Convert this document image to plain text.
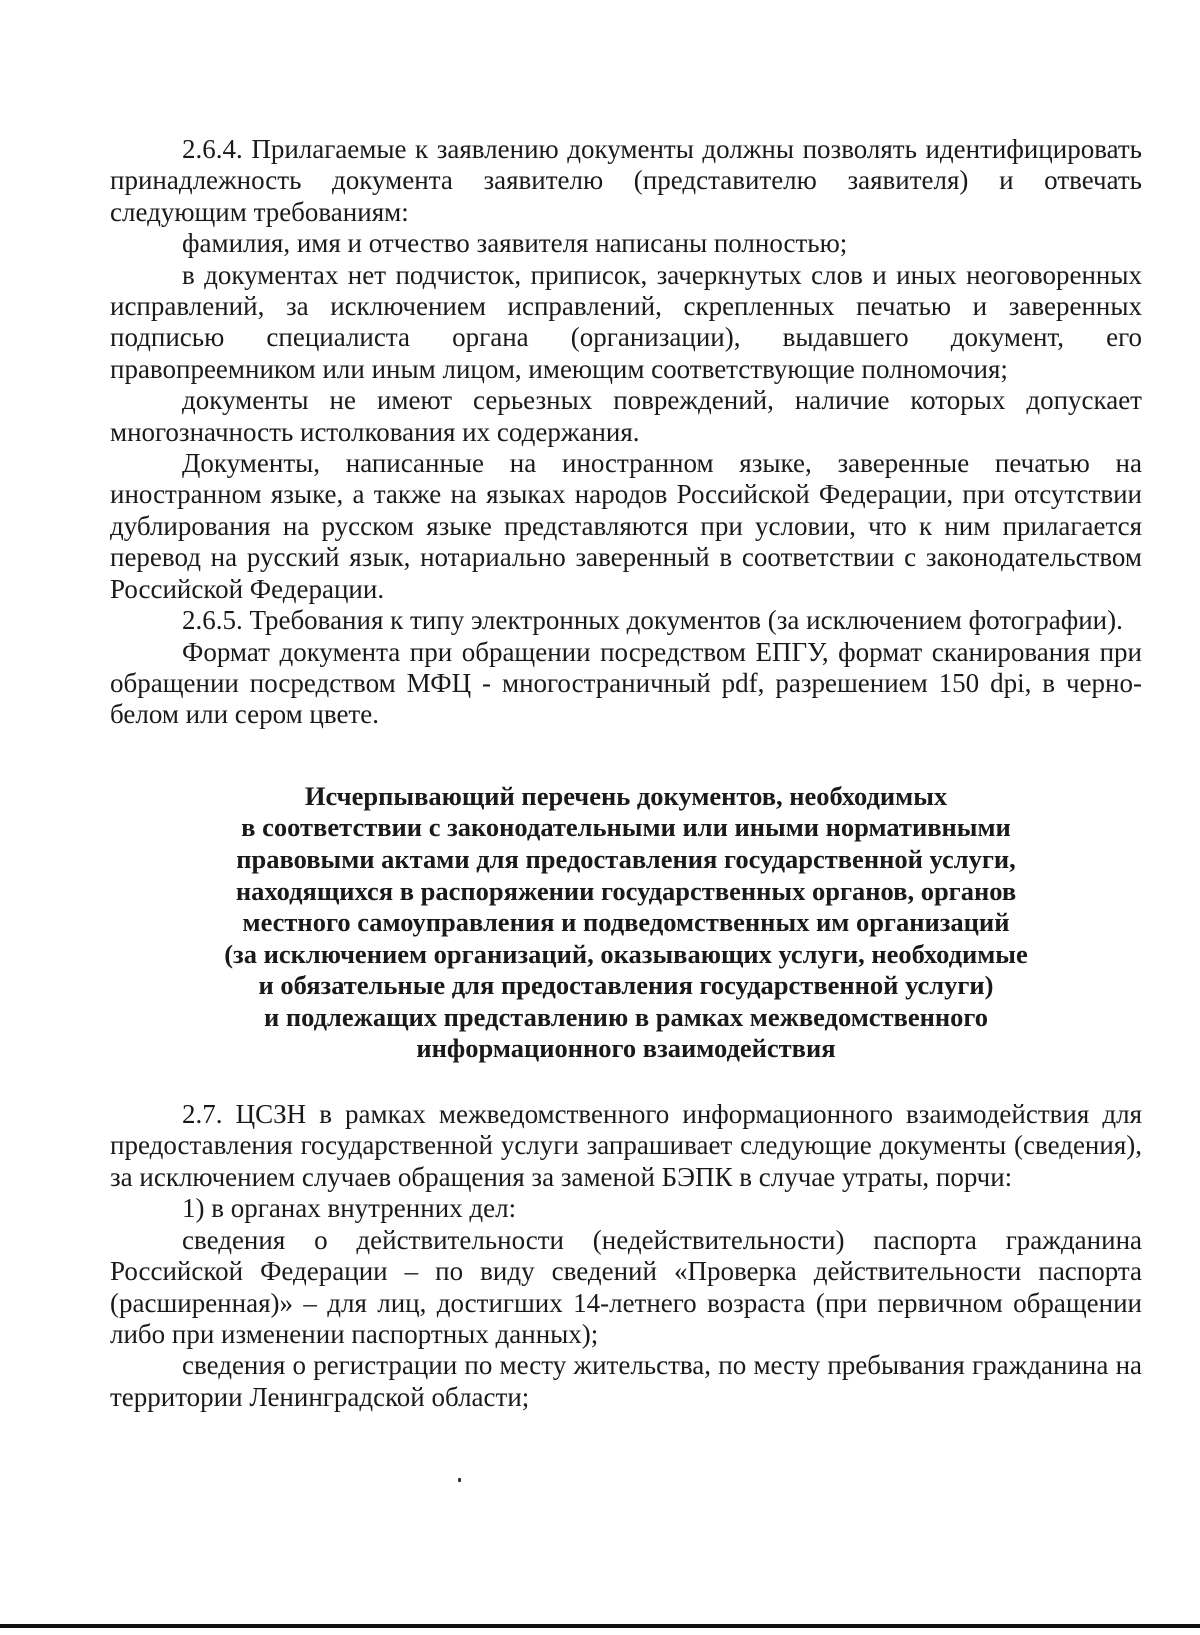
2.6.4. Прилагаемые к заявлению документы должны позволять идентифицировать принадлежность документа заявителю (представителю заявителя) и отвечать следующим требованиям:

фамилия, имя и отчество заявителя написаны полностью;

в документах нет подчисток, приписок, зачеркнутых слов и иных неоговоренных исправлений, за исключением исправлений, скрепленных печатью и заверенных подписью специалиста органа (организации), выдавшего документ, его правопреемником или иным лицом, имеющим соответствующие полномочия;

документы не имеют серьезных повреждений, наличие которых допускает многозначность истолкования их содержания.

Документы, написанные на иностранном языке, заверенные печатью на иностранном языке, а также на языках народов Российской Федерации, при отсутствии дублирования на русском языке представляются при условии, что к ним прилагается перевод на русский язык, нотариально заверенный в соответствии с законодательством Российской Федерации.

2.6.5. Требования к типу электронных документов (за исключением фотографии).

Формат документа при обращении посредством ЕПГУ, формат сканирования при обращении посредством МФЦ - многостраничный pdf, разрешением 150 dpi, в черно-белом или сером цвете.

Исчерпывающий перечень документов, необходимых
в соответствии с законодательными или иными нормативными
правовыми актами для предоставления государственной услуги,
находящихся в распоряжении государственных органов, органов
местного самоуправления и подведомственных им организаций
(за исключением организаций, оказывающих услуги, необходимые
и обязательные для предоставления государственной услуги)
и подлежащих представлению в рамках межведомственного
информационного взаимодействия

2.7. ЦСЗН в рамках межведомственного информационного взаимодействия для предоставления государственной услуги запрашивает следующие документы (сведения), за исключением случаев обращения за заменой БЭПК в случае утраты, порчи:

1) в органах внутренних дел:

сведения о действительности (недействительности) паспорта гражданина Российской Федерации – по виду сведений «Проверка действительности паспорта (расширенная)» – для лиц, достигших 14-летнего возраста (при первичном обращении либо при изменении паспортных данных);

сведения о регистрации по месту жительства, по месту пребывания гражданина на территории Ленинградской области;
